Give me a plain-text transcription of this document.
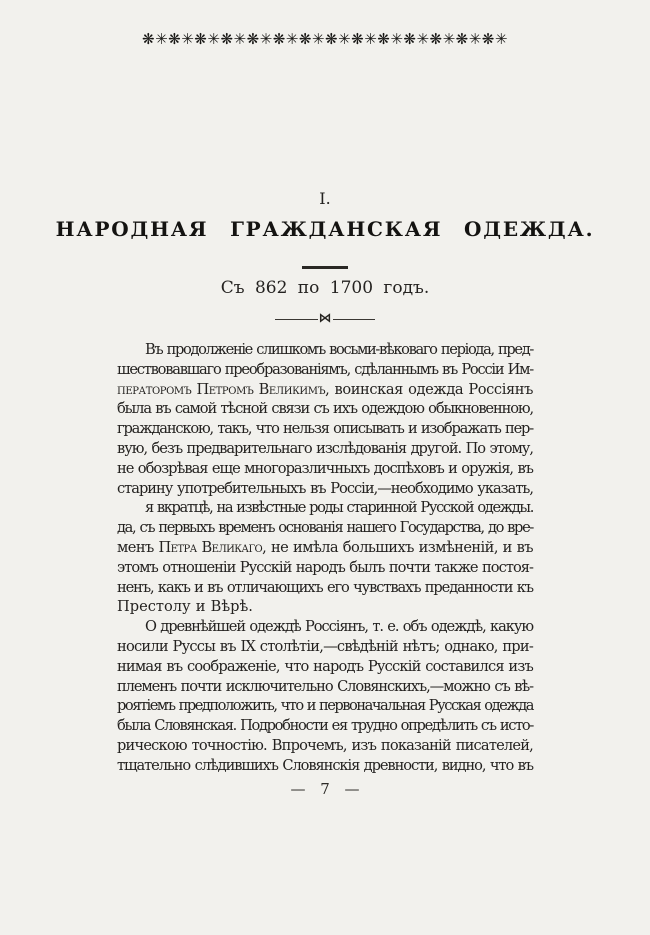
❋✳❋✳❋✳❋✳❋✳❋✳❋✳❋✳❋✳❋✳❋✳❋✳❋✳❋✳
I.
НАРОДНАЯ ГРАЖДАНСКАЯ ОДЕЖДА.
Съ 862 по 1700 годъ.
⋈
Въ продолженіе слишкомъ восьми-вѣковаго періода, пред-
шествовавшаго преобразованіямъ, сдѣланнымъ въ Россіи Им-
ператоромъ Петромъ Великимъ, воинская одежда Россіянъ
была въ самой тѣсной связи съ ихъ одеждою обыкновенною,
гражданскою, такъ, что нельзя описывать и изображать пер-
вую, безъ предварительнаго изслѣдованія другой. По этому,
не обозрѣвая еще многоразличныхъ доспѣховъ и оружія, въ
старину употребительныхъ въ Россіи,—необходимо указать,
я вкратцѣ, на извѣстные роды старинной Русской одежды.
да, съ первыхъ временъ основанія нашего Государства, до вре-
менъ Петра Великаго, не имѣла большихъ измѣненій, и въ
этомъ отношеніи Русскій народъ былъ почти также постоя-
ненъ, какъ и въ отличающихъ его чувствахъ преданности къ
Престолу и Вѣрѣ.
О древнѣйшей одеждѣ Россіянъ, т. е. объ одеждѣ, какую
носили Руссы въ IX столѣтіи,—свѣдѣній нѣтъ; однако, при-
нимая въ соображеніе, что народъ Русскій составился изъ
племенъ почти исключительно Словянскихъ,—можно съ вѣ-
роятіемъ предположить, что и первоначальная Русская одежда
была Словянская. Подробности ея трудно опредѣлить съ исто-
рическою точностію. Впрочемъ, изъ показаній писателей,
тщательно слѣдившихъ Словянскія древности, видно, что въ
— 7 —
